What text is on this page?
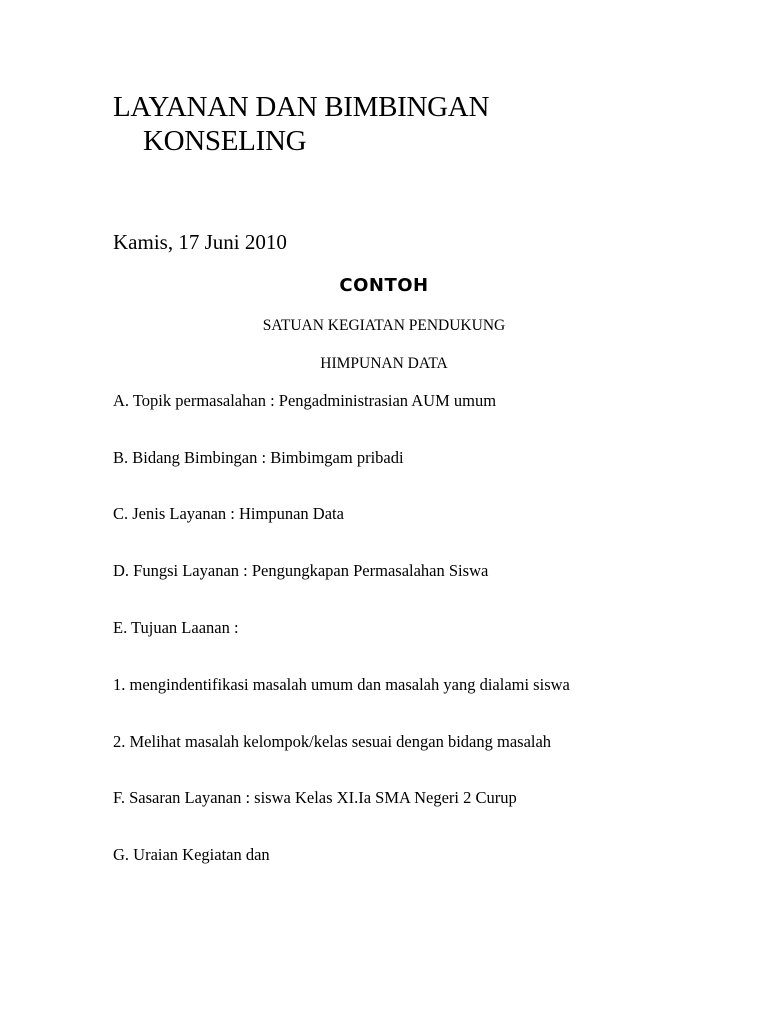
LAYANAN DAN BIMBINGAN
KONSELING

Kamis, 17 Juni 2010

CONTOH

SATUAN KEGIATAN PENDUKUNG

HIMPUNAN DATA

A. Topik permasalahan : Pengadministrasian AUM umum

B. Bidang Bimbingan : Bimbimgam pribadi

C. Jenis Layanan : Himpunan Data

D. Fungsi Layanan : Pengungkapan Permasalahan Siswa

E. Tujuan Laanan :

1. mengindentifikasi masalah umum dan masalah yang dialami siswa

2. Melihat masalah kelompok/kelas sesuai dengan bidang masalah

F. Sasaran Layanan : siswa Kelas XI.Ia SMA Negeri 2 Curup

G. Uraian Kegiatan dan
